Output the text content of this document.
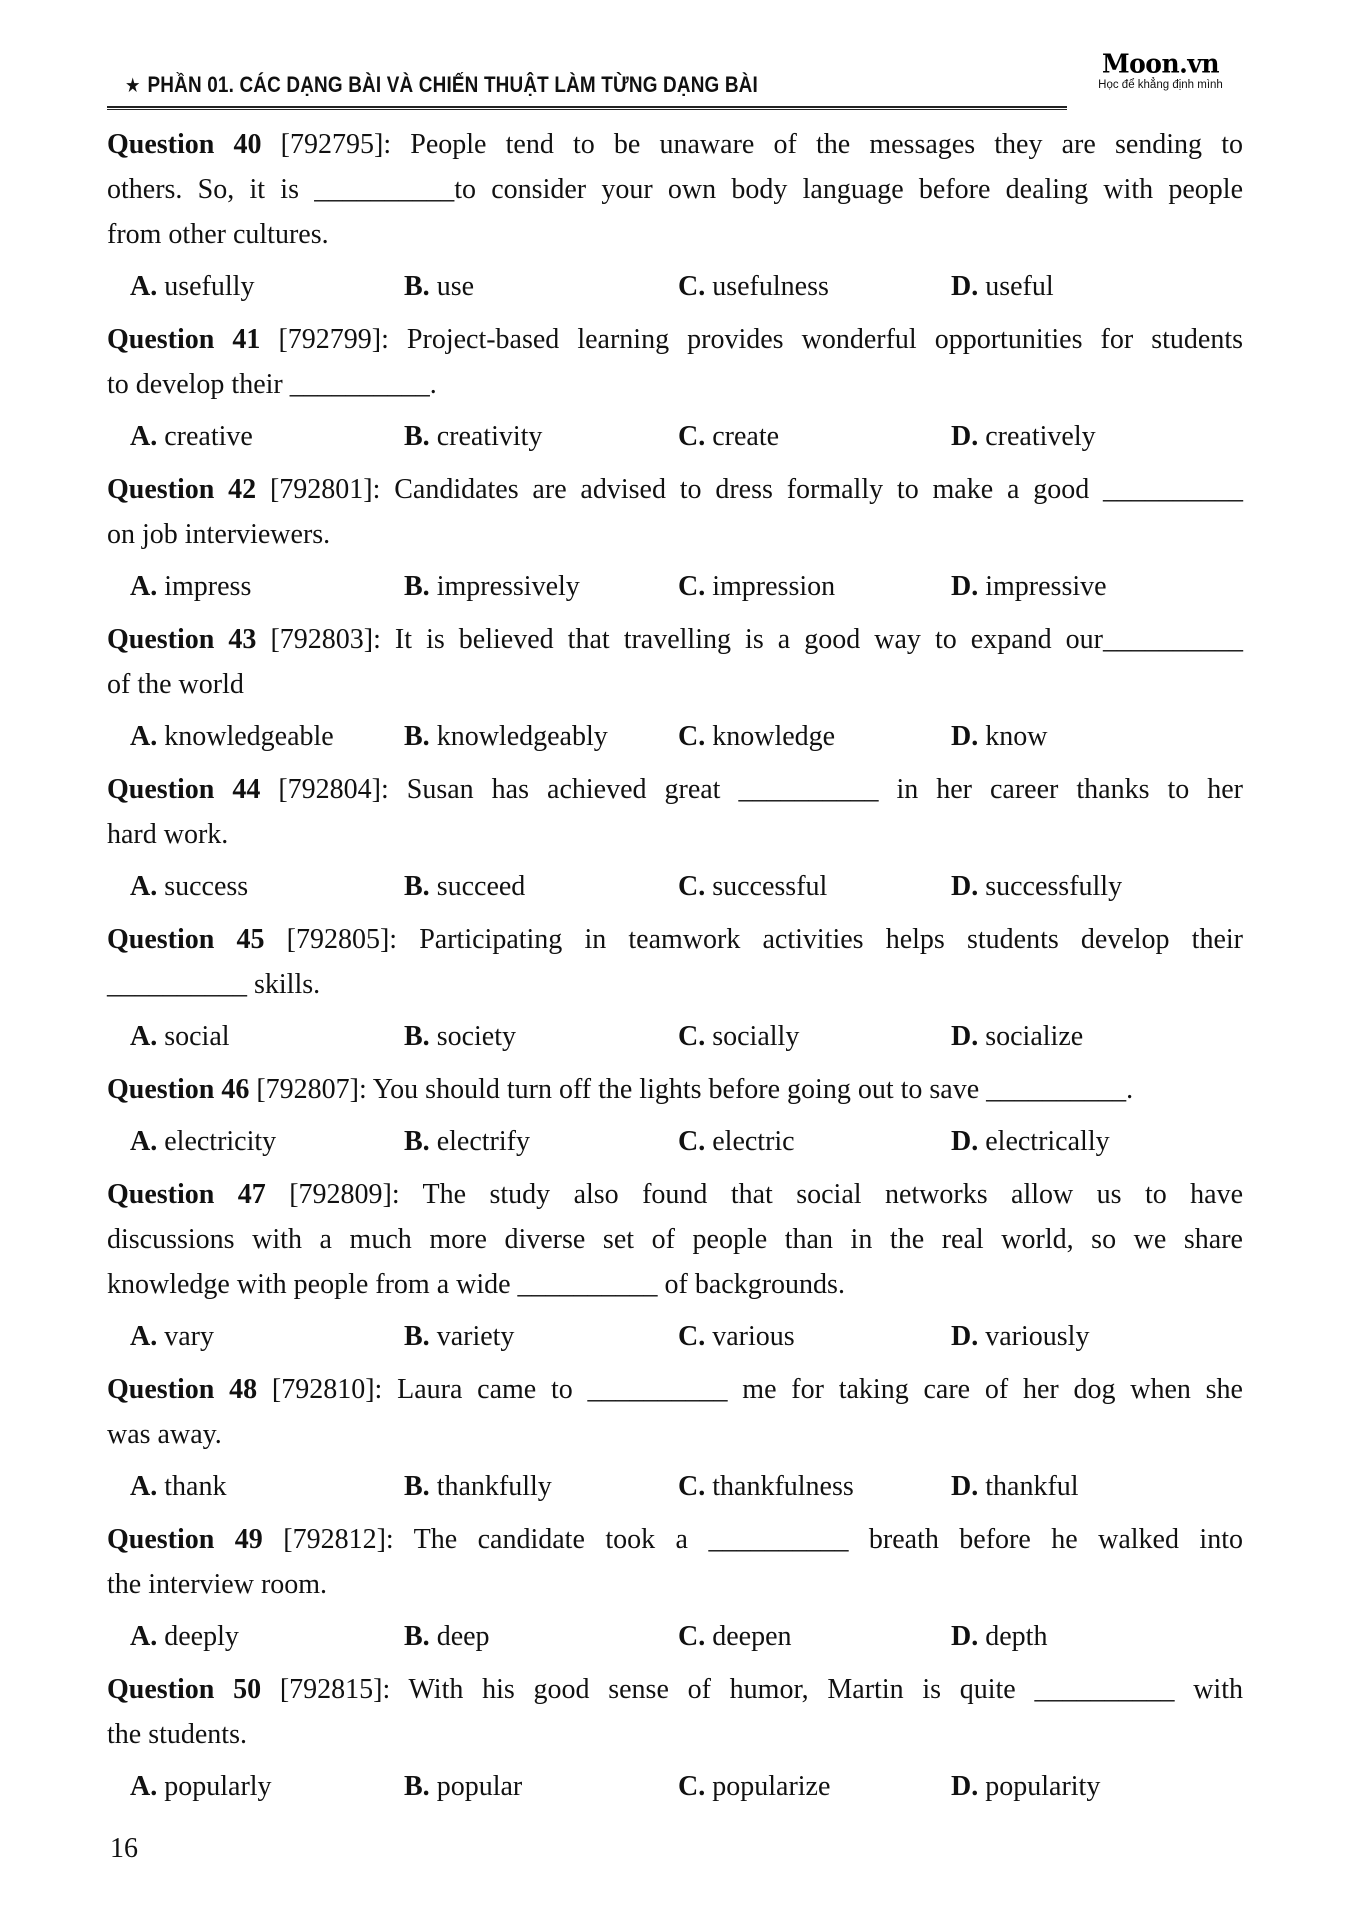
★ PHẦN 01. CÁC DẠNG BÀI VÀ CHIẾN THUẬT LÀM TỪNG DẠNG BÀI
Moon.vn
Học để khẳng định mình
Question 40 [792795]: People tend to be unaware of the messages they are sending to
others. So, it is __________to consider your own body language before dealing with people
from other cultures.
A. usefully	B. use	C. usefulness	D. useful
Question 41 [792799]: Project-based learning provides wonderful opportunities for students
to develop their __________.
A. creative	B. creativity	C. create	D. creatively
Question 42 [792801]: Candidates are advised to dress formally to make a good __________
on job interviewers.
A. impress	B. impressively	C. impression	D. impressive
Question 43 [792803]: It is believed that travelling is a good way to expand our__________
of the world
A. knowledgeable	B. knowledgeably	C. knowledge	D. know
Question 44 [792804]: Susan has achieved great __________ in her career thanks to her
hard work.
A. success	B. succeed	C. successful	D. successfully
Question 45 [792805]: Participating in teamwork activities helps students develop their
__________ skills.
A. social	B. society	C. socially	D. socialize
Question 46 [792807]: You should turn off the lights before going out to save __________.
A. electricity	B. electrify	C. electric	D. electrically
Question 47 [792809]: The study also found that social networks allow us to have
discussions with a much more diverse set of people than in the real world, so we share
knowledge with people from a wide __________ of backgrounds.
A. vary	B. variety	C. various	D. variously
Question 48 [792810]: Laura came to __________ me for taking care of her dog when she
was away.
A. thank	B. thankfully	C. thankfulness	D. thankful
Question 49 [792812]: The candidate took a __________ breath before he walked into
the interview room.
A. deeply	B. deep	C. deepen	D. depth
Question 50 [792815]: With his good sense of humor, Martin is quite __________ with
the students.
A. popularly	B. popular	C. popularize	D. popularity
16
